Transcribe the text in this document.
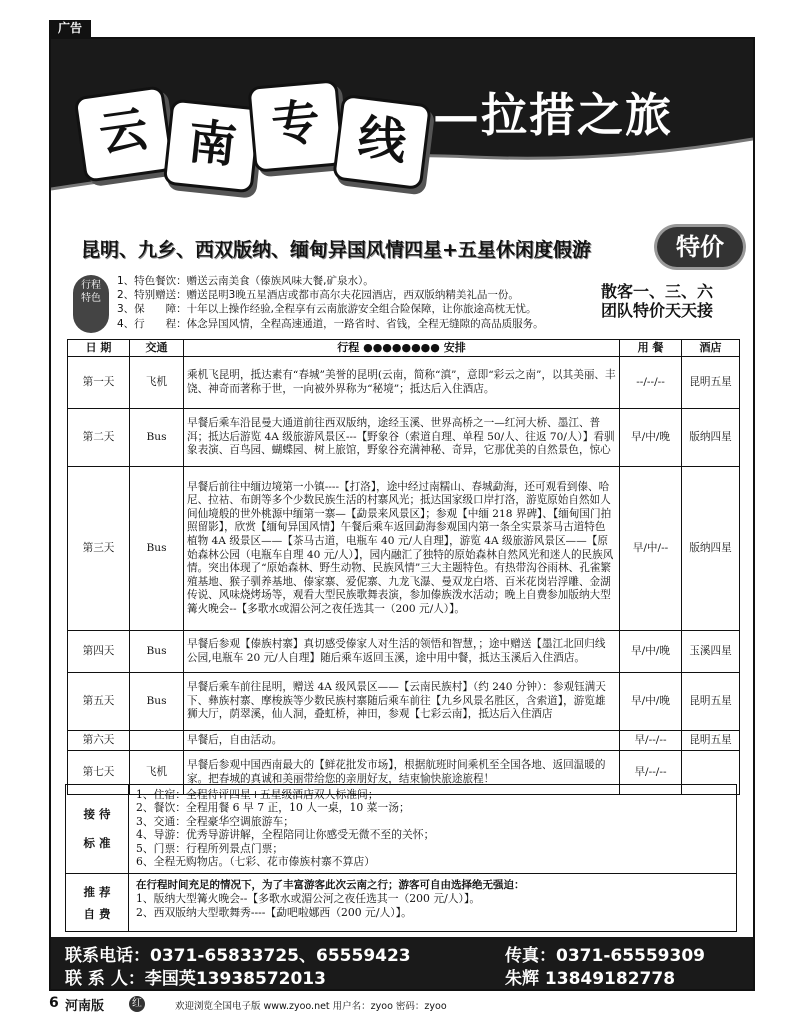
广告
云 南 专 线 —拉措之旅
昆明、九乡、西双版纳、缅甸异国风情四星+五星休闲度假游	特价
行程
特色
1、特色餐饮：赠送云南美食（傣族风味大餐,矿泉水）。
2、特别赠送：赠送昆明3晚五星酒店或都市高尔夫花园酒店，西双版纳精美礼品一份。
3、保　　障：十年以上操作经验,全程享有云南旅游安全组合险保障，让你旅途高枕无忧。
4、行　　程：体念异国风情，全程高速通道，一路省时、省钱，全程无缝隙的高品质服务。
散客一、三、六
团队特价天天接
日 期	交通	行程 ●●●●●●●● 安排	用 餐	酒店
第一天	飞机	乘机飞昆明，抵达素有“春城”美誉的昆明(云南，简称“滇”，意即“彩云之南”，以其美丽、丰饶、神奇而著称于世，一向被外界称为“秘境”；抵达后入住酒店。	--/--/--	昆明五星
第二天	Bus	早餐后乘车沿昆曼大通道前往西双版纳，途经玉溪、世界高桥之一—红河大桥、墨江、普洱；抵达后游览 4A 级旅游风景区---【野象谷（索道自理、单程 50/人、往返 70/人）】看驯象表演、百鸟园、蝴蝶园、树上旅馆，野象谷充满神秘、奇异，它那优美的自然景色，惊心	早/中/晚	版纳四星
第三天	Bus	早餐后前往中缅边境第一小镇----【打洛】，途中经过南糯山、春城勐海，还可观看到傣、哈尼、拉祜、布朗等多个少数民族生活的村寨风光；抵达国家级口岸打洛，游览原始自然如人间仙境般的世外桃源中缅第一寨—【勐景来风景区】；参观【中缅 218 界碑】、【缅甸国门拍照留影】，欣赏【缅甸异国风情】午餐后乘车返回勐海参观国内第一条全实景茶马古道特色植物 4A 级景区——【茶马古道，电瓶车 40 元/人自理】，游览 4A 级旅游风景区——【原始森林公园（电瓶车自理 40 元/人）】，园内融汇了独特的原始森林自然风光和迷人的民族风情。突出体现了“原始森林、野生动物、民族风情”三大主题特色。有热带沟谷雨林、孔雀繁殖基地、猴子驯养基地、傣家寨、爱伲寨、九龙飞瀑、曼双龙白塔、百米花岗岩浮雕、金湖传说、风味烧烤场等，观看大型民族歌舞表演，参加傣族泼水活动；晚上自费参加版纳大型篝火晚会--【多歌水或湄公河之夜任选其一（200 元/人）】。	早/中/--	版纳四星
第四天	Bus	早餐后参观【傣族村寨】真切感受傣家人对生活的领悟和智慧，；途中赠送【墨江北回归线公园,电瓶车 20 元/人自理】随后乘车返回玉溪，途中用中餐，抵达玉溪后入住酒店。	早/中/晚	玉溪四星
第五天	Bus	早餐后乘车前往昆明，赠送 4A 级风景区——【云南民族村】（约 240 分钟）：参观钰满天下、彝族村寨、摩梭族等少数民族村寨随后乘车前往【九乡风景名胜区，含索道】，游览雄狮大厅，荫翠溪，仙人洞，叠虹桥，神田，参观【七彩云南】，抵达后入住酒店	早/中/晚	昆明五星
第六天		早餐后，自由活动。	早/--/--	昆明五星
第七天	飞机	早餐后参观中国西南最大的【鲜花批发市场】，根据航班时间乘机至全国各地、返回温暖的家。把春城的真诚和美丽带给您的亲朋好友，结束愉快旅途旅程！	早/--/--	
联系电话：0371-65833725、65559423
联 系 人：李国英13938572013
传真：0371-65559309
朱辉 13849182778
接 待
标 准
1、住宿：全程待评四星+五星级酒店双人标准间；
2、餐饮：全程用餐 6 早 7 正，10 人一桌，10 菜一汤；
3、交通：全程豪华空调旅游车；
4、导游：优秀导游讲解，全程陪同让你感受无微不至的关怀；
5、门票：行程所列景点门票；
6、全程无购物店。（七彩、花市傣族村寨不算店）
推 荐
自 费
在行程时间充足的情况下，为了丰富游客此次云南之行；游客可自由选择绝无强迫：
1、版纳大型篝火晚会--【多歌水或湄公河之夜任选其一（200 元/人）】。
2、西双版纳大型歌舞秀----【勐吧啦娜西（200 元/人）】。
6 河南版	红	欢迎浏览全国电子版 www.zyoo.net 用户名：zyoo 密码：zyoo
